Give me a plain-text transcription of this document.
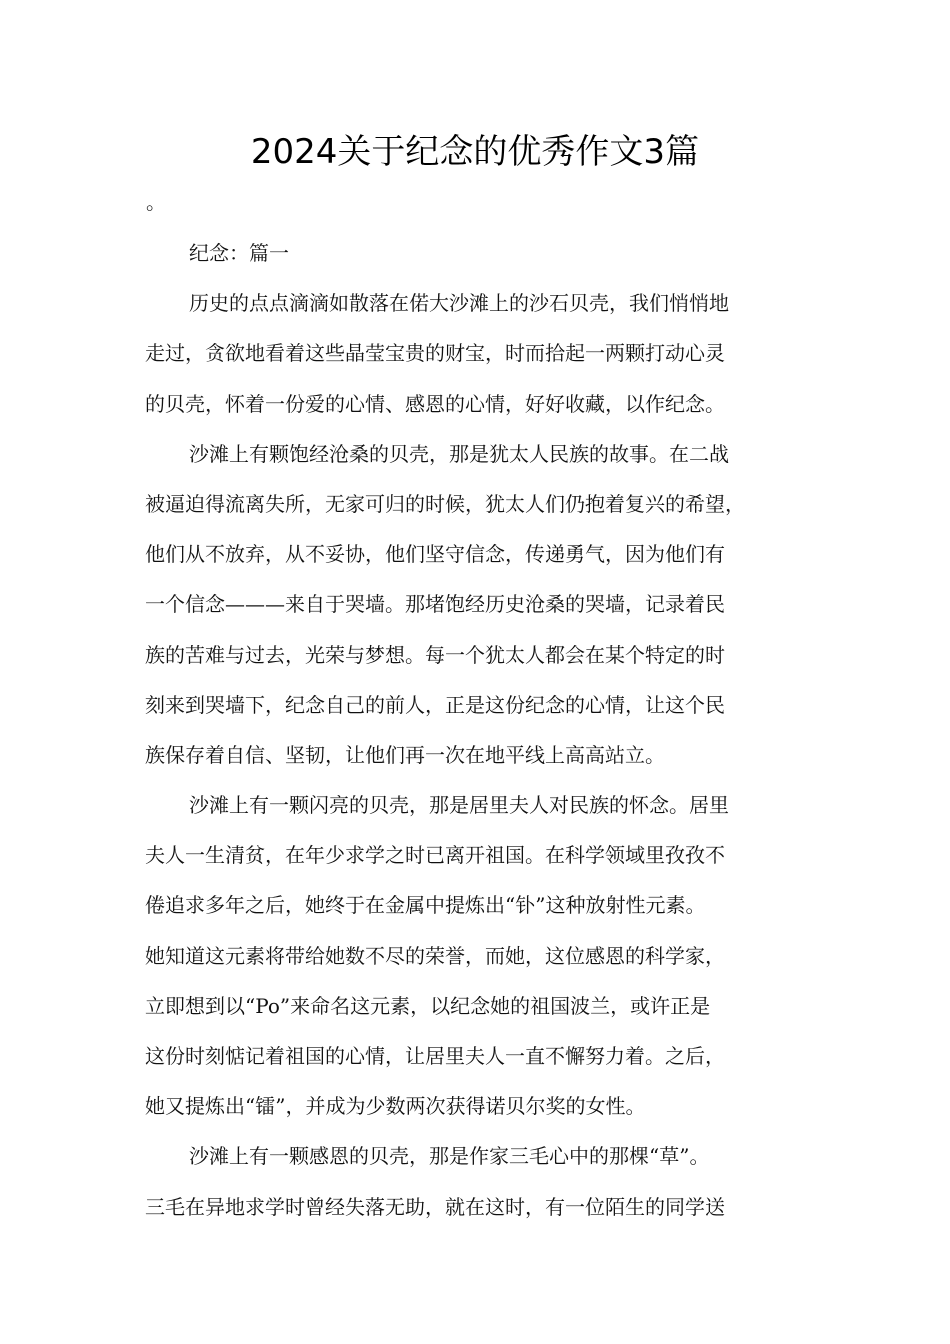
2024关于纪念的优秀作文3篇
。

纪念：篇一

历史的点点滴滴如散落在偌大沙滩上的沙石贝壳，我们悄悄地
走过，贪欲地看着这些晶莹宝贵的财宝，时而拾起一两颗打动心灵
的贝壳，怀着一份爱的心情、感恩的心情，好好收藏，以作纪念。

沙滩上有颗饱经沧桑的贝壳，那是犹太人民族的故事。在二战
被逼迫得流离失所，无家可归的时候，犹太人们仍抱着复兴的希望，
他们从不放弃，从不妥协，他们坚守信念，传递勇气，因为他们有
一个信念———来自于哭墙。那堵饱经历史沧桑的哭墙，记录着民
族的苦难与过去，光荣与梦想。每一个犹太人都会在某个特定的时
刻来到哭墙下，纪念自己的前人，正是这份纪念的心情，让这个民
族保存着自信、坚韧，让他们再一次在地平线上高高站立。

沙滩上有一颗闪亮的贝壳，那是居里夫人对民族的怀念。居里
夫人一生清贫，在年少求学之时已离开祖国。在科学领域里孜孜不
倦追求多年之后，她终于在金属中提炼出“钋”这种放射性元素。
她知道这元素将带给她数不尽的荣誉，而她，这位感恩的科学家，
立即想到以“Po”来命名这元素，以纪念她的祖国波兰，或许正是
这份时刻惦记着祖国的心情，让居里夫人一直不懈努力着。之后，
她又提炼出“镭”，并成为少数两次获得诺贝尔奖的女性。

沙滩上有一颗感恩的贝壳，那是作家三毛心中的那棵“草”。
三毛在异地求学时曾经失落无助，就在这时，有一位陌生的同学送
